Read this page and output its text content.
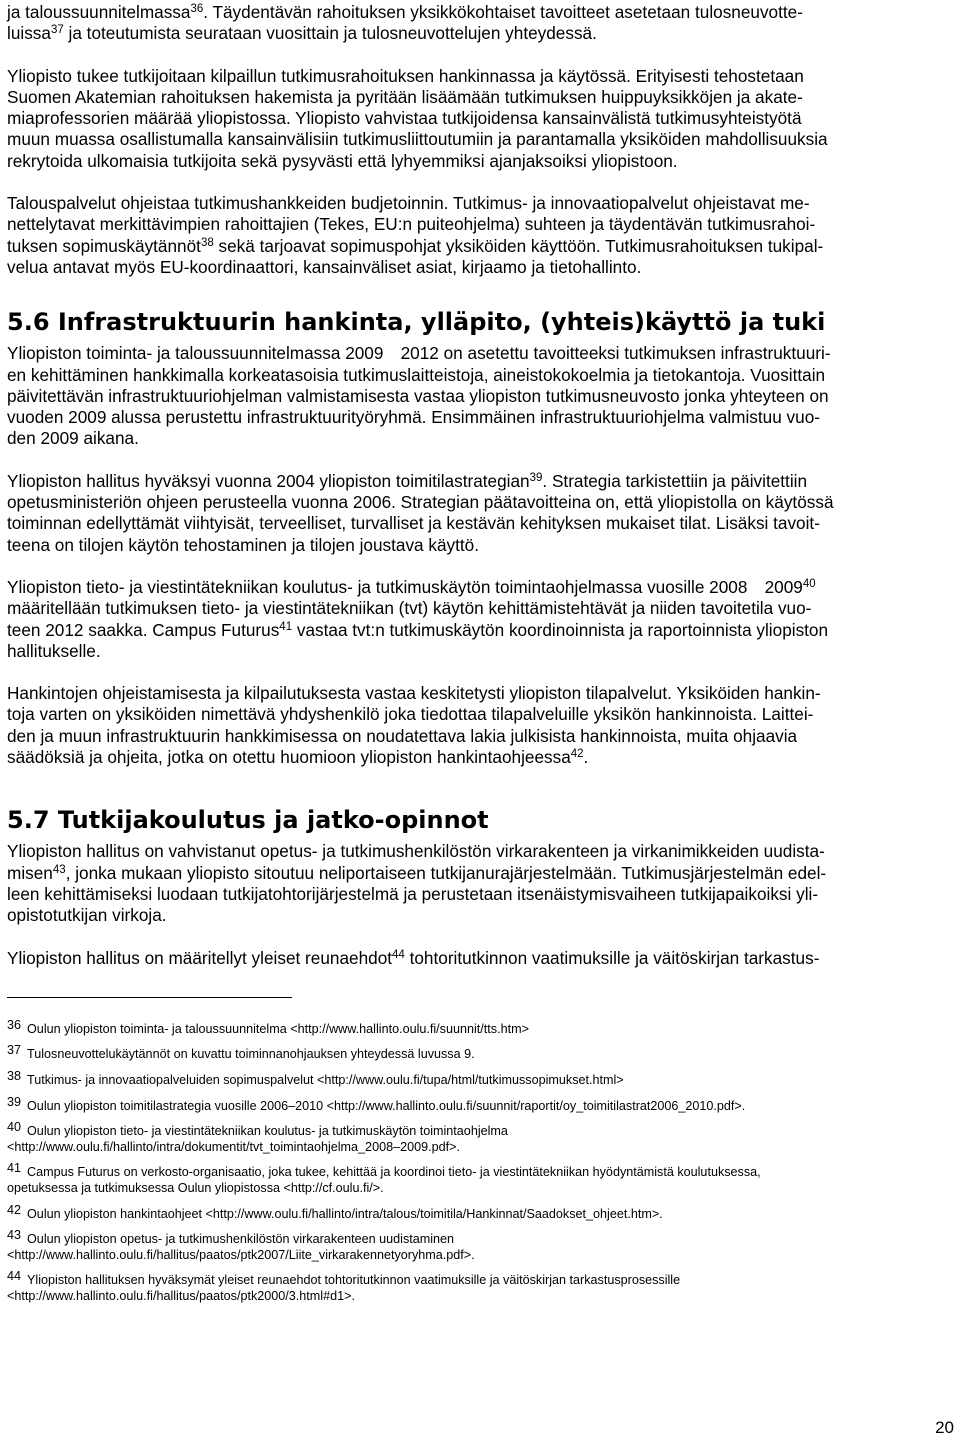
ja taloussuunnitelmassa$^{36}$. Täydentävän rahoituksen yksikkökohtaiset tavoitteet asetetaan tulosneuvotte-

luissa$^{37}$ ja toteutumista seurataan vuosittain ja tulosneuvottelujen yhteydessä.

Yliopisto tukee tutkijoitaan kilpaillun tutkimusrahoituksen hankinnassa ja käytössä. Erityisesti tehostetaan

Suomen Akatemian rahoituksen hakemista ja pyritään lisäämään tutkimuksen huippuyksikköjen ja akate-

miaprofessorien määrää yliopistossa. Yliopisto vahvistaa tutkijoidensa kansainvälistä tutkimusyhteistyötä

muun muassa osallistumalla kansainvälisiin tutkimusliittoutumiin ja parantamalla yksiköiden mahdollisuuksia

rekrytoida ulkomaisia tutkijoita sekä pysyvästi että lyhyemmiksi ajanjaksoiksi yliopistoon.

Talouspalvelut ohjeistaa tutkimushankkeiden budjetoinnin. Tutkimus- ja innovaatiopalvelut ohjeistavat me-

nettelytavat merkittävimpien rahoittajien (Tekes, EU:n puiteohjelma) suhteen ja täydentävän tutkimusrahoi-

tuksen sopimuskäytännöt$^{38}$ sekä tarjoavat sopimuspohjat yksiköiden käyttöön. Tutkimusrahoituksen tukipal-

velua antavat myös EU-koordinaattori, kansainväliset asiat, kirjaamo ja tietohallinto.

5.6 Infrastruktuurin hankinta, ylläpito, (yhteis)käyttö ja tuki

Yliopiston toiminta- ja taloussuunnitelmassa 2009 2012 on asetettu tavoitteeksi tutkimuksen infrastruktuuri-

en kehittäminen hankkimalla korkeatasoisia tutkimuslaitteistoja, aineistokokoelmia ja tietokantoja. Vuosittain

päivitettävän infrastruktuuriohjelman valmistamisesta vastaa yliopiston tutkimusneuvosto jonka yhteyteen on

vuoden 2009 alussa perustettu infrastruktuurityöryhmä. Ensimmäinen infrastruktuuriohjelma valmistuu vuo-

den 2009 aikana.

Yliopiston hallitus hyväksyi vuonna 2004 yliopiston toimitilastrategian$^{39}$. Strategia tarkistettiin ja päivitettiin

opetusministeriön ohjeen perusteella vuonna 2006. Strategian päätavoitteina on, että yliopistolla on käytössä

toiminnan edellyttämät viihtyisät, terveelliset, turvalliset ja kestävän kehityksen mukaiset tilat. Lisäksi tavoit-

teena on tilojen käytön tehostaminen ja tilojen joustava käyttö.

Yliopiston tieto- ja viestintätekniikan koulutus- ja tutkimuskäytön toimintaohjelmassa vuosille 2008 2009$^{40}$

määritellään tutkimuksen tieto- ja viestintätekniikan (tvt) käytön kehittämistehtävät ja niiden tavoitetila vuo-

teen 2012 saakka. Campus Futurus$^{41}$ vastaa tvt:n tutkimuskäytön koordinoinnista ja raportoinnista yliopiston

hallitukselle.

Hankintojen ohjeistamisesta ja kilpailutuksesta vastaa keskitetysti yliopiston tilapalvelut. Yksiköiden hankin-

toja varten on yksiköiden nimettävä yhdyshenkilö joka tiedottaa tilapalveluille yksikön hankinnoista. Laittei-

den ja muun infrastruktuurin hankkimisessa on noudatettava lakia julkisista hankinnoista, muita ohjaavia

säädöksiä ja ohjeita, jotka on otettu huomioon yliopiston hankintaohjeessa$^{42}$.

5.7 Tutkijakoulutus ja jatko-opinnot

Yliopiston hallitus on vahvistanut opetus- ja tutkimushenkilöstön virkarakenteen ja virkanimikkeiden uudista-

misen$^{43}$, jonka mukaan yliopisto sitoutuu neliportaiseen tutkijanurajärjestelmään. Tutkimusjärjestelmän edel-

leen kehittämiseksi luodaan tutkijatohtorijärjestelmä ja perustetaan itsenäistymisvaiheen tutkijapaikoiksi yli-

opistotutkijan virkoja.

Yliopiston hallitus on määritellyt yleiset reunaehdot$^{44}$ tohtoritutkinnon vaatimuksille ja väitöskirjan tarkastus-

36 Oulun yliopiston toiminta- ja taloussuunnitelma <http://www.hallinto.oulu.fi/suunnit/tts.htm>

37 Tulosneuvottelukäytännöt on kuvattu toiminnanohjauksen yhteydessä luvussa 9.

38 Tutkimus- ja innovaatiopalveluiden sopimuspalvelut <http://www.oulu.fi/tupa/html/tutkimussopimukset.html>

39 Oulun yliopiston toimitilastrategia vuosille 2006–2010 <http://www.hallinto.oulu.fi/suunnit/raportit/oy_toimitilastrat2006_2010.pdf>.

40 Oulun yliopiston tieto- ja viestintätekniikan koulutus- ja tutkimuskäytön toimintaohjelma

<http://www.oulu.fi/hallinto/intra/dokumentit/tvt_toimintaohjelma_2008–2009.pdf>.

41 Campus Futurus on verkosto-organisaatio, joka tukee, kehittää ja koordinoi tieto- ja viestintätekniikan hyödyntämistä koulutuksessa,

opetuksessa ja tutkimuksessa Oulun yliopistossa <http://cf.oulu.fi/>.

42 Oulun yliopiston hankintaohjeet <http://www.oulu.fi/hallinto/intra/talous/toimitila/Hankinnat/Saadokset_ohjeet.htm>.

43 Oulun yliopiston opetus- ja tutkimushenkilöstön virkarakenteen uudistaminen

<http://www.hallinto.oulu.fi/hallitus/paatos/ptk2007/Liite_virkarakennetyoryhma.pdf>.

44 Yliopiston hallituksen hyväksymät yleiset reunaehdot tohtoritutkinnon vaatimuksille ja väitöskirjan tarkastusprosessille

<http://www.hallinto.oulu.fi/hallitus/paatos/ptk2000/3.html#d1>.

20
